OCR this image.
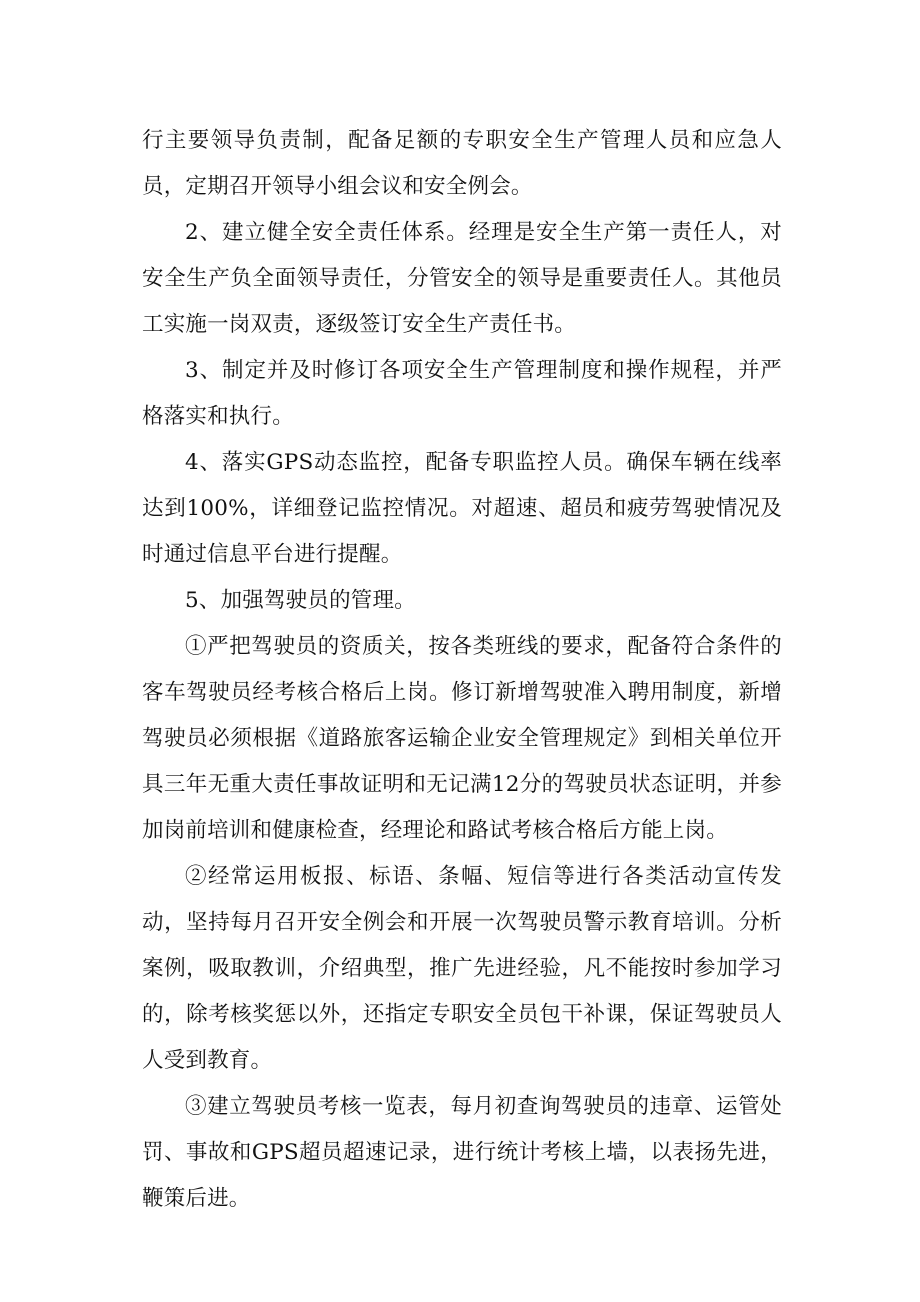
行主要领导负责制，配备足额的专职安全生产管理人员和应急人员，定期召开领导小组会议和安全例会。

2、建立健全安全责任体系。经理是安全生产第一责任人，对安全生产负全面领导责任，分管安全的领导是重要责任人。其他员工实施一岗双责，逐级签订安全生产责任书。

3、制定并及时修订各项安全生产管理制度和操作规程，并严格落实和执行。

4、落实GPS动态监控，配备专职监控人员。确保车辆在线率达到100%，详细登记监控情况。对超速、超员和疲劳驾驶情况及时通过信息平台进行提醒。

5、加强驾驶员的管理。

①严把驾驶员的资质关，按各类班线的要求，配备符合条件的客车驾驶员经考核合格后上岗。修订新增驾驶准入聘用制度，新增驾驶员必须根据《道路旅客运输企业安全管理规定》到相关单位开具三年无重大责任事故证明和无记满12分的驾驶员状态证明，并参加岗前培训和健康检查，经理论和路试考核合格后方能上岗。

②经常运用板报、标语、条幅、短信等进行各类活动宣传发动，坚持每月召开安全例会和开展一次驾驶员警示教育培训。分析案例，吸取教训，介绍典型，推广先进经验，凡不能按时参加学习的，除考核奖惩以外，还指定专职安全员包干补课，保证驾驶员人人受到教育。

③建立驾驶员考核一览表，每月初查询驾驶员的违章、运管处罚、事故和GPS超员超速记录，进行统计考核上墙，以表扬先进，鞭策后进。
